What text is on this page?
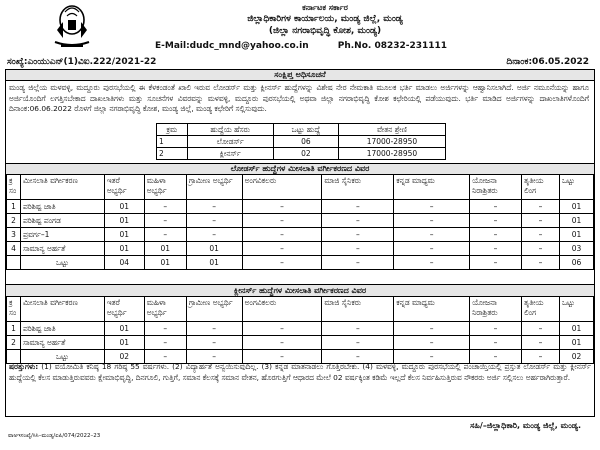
ಕರ್ನಾಟಕ ಸರ್ಕಾರ
ಜಿಲ್ಲಾಧಿಕಾರಿಗಳ ಕಾರ್ಯಾಲಯ, ಮಂಡ್ಯ ಜಿಲ್ಲೆ, ಮಂಡ್ಯ
(ಜಿಲ್ಲಾ ನಗರಾಭಿವೃದ್ಧಿ ಕೋಶ, ಮಂಡ್ಯ)
E-Mail:dudc_mnd@yahoo.co.in	Ph.No. 08232-231111
ಸಂಖ್ಯೆ:ಎಂಯುಎನ್(1)ವಿಐ.222/2021-22	ದಿನಾಂಕ:06.05.2022
ಸಂಕ್ಷಿಪ್ತ ಅಧಿಸೂಚನೆ
ಮಂಡ್ಯ ಜಿಲ್ಲೆಯ ಮಳವಳ್ಳಿ, ಮದ್ದೂರು ಪುರಸಭೆಯಲ್ಲಿ ಈ ಕೆಳಕಂಡಂತೆ ಖಾಲಿ ಇರುವ ಲೋಡರ್ಸ್ ಮತ್ತು ಕ್ಲೀನರ್ಸ್ ಹುದ್ದೆಗಳನ್ನು ವಿಶೇಷ ನೇರ ನೇಮಕಾತಿ ಮೂಲಕ ಭರ್ತಿ ಮಾಡಲು ಅರ್ಜಿಗಳನ್ನು ಆಹ್ವಾನಿಸಲಾಗಿದೆ. ಅರ್ಜಿ ನಮೂನೆಯನ್ನು ಹಾಗೂ ಅರ್ಜಿಯೊಂದಿಗೆ ಲಗತ್ತಿಸಬೇಕಾದ ದಾಖಲಾತಿಗಳು ಮತ್ತು ಸೂಚನೆಗಳ ವಿವರವನ್ನು ಮಳವಳ್ಳಿ, ಮದ್ದೂರು ಪುರಸಭೆಯಲ್ಲಿ ಅಥವಾ ಜಿಲ್ಲಾ ನಗರಾಭಿವೃದ್ಧಿ ಕೋಶ ಕಛೇರಿಯಲ್ಲಿ ಪಡೆಯುವುದು. ಭರ್ತಿ ಮಾಡಿದ ಅರ್ಜಿಗಳನ್ನು ದಾಖಲಾತಿಗಳೊಂದಿಗೆ ದಿನಾಂಕ:06.06.2022 ರೊಳಗೆ ಜಿಲ್ಲಾ ನಗರಾಭಿವೃದ್ಧಿ ಕೋಶ, ಮಂಡ್ಯ ಜಿಲ್ಲೆ, ಮಂಡ್ಯ ಕಛೇರಿಗೆ ಸಲ್ಲಿಸುವುದು.
ಕ್ರಮ	ಹುದ್ದೆಯ ಹೆಸರು	ಒಟ್ಟು ಹುದ್ದೆ	ವೇತನ ಶ್ರೇಣಿ
1	ಲೋಡರ್ಸ್	06	17000-28950
2	ಕ್ಲೀನರ್ಸ್	02	17000-28950
ಲೋಡರ್ಸ್ ಹುದ್ದೆಗಳ ಮೀಸಲಾತಿ ವರ್ಗೀಕರಣದ ವಿವರ
ಕ್ರ ಸಂ	ಮೀಸಲಾತಿ ವರ್ಗೀಕರಣ	ಇತರೆ ಅಭ್ಯರ್ಥಿ	ಮಹಿಳಾ ಅಭ್ಯರ್ಥಿ	ಗ್ರಾಮೀಣ ಅಭ್ಯರ್ಥಿ	ಅಂಗವಿಕಲರು	ಮಾಜಿ ಸೈನಿಕರು	ಕನ್ನಡ ಮಾಧ್ಯಮ	ಯೋಜನಾ ನಿರಾಶ್ರಿತರು	ತೃತೀಯ ಲಿಂಗ	ಒಟ್ಟು
1	ಪರಿಶಿಷ್ಟ ಜಾತಿ	01	–	–	–	–	–	–	–	01
2	ಪರಿಶಿಷ್ಟ ಪಂಗಡ	01	–	–	–	–	–	–	–	01
3	ಪ್ರವರ್ಗ–1	01	–	–	–	–	–	–	–	01
4	ಸಾಮಾನ್ಯ ಅರ್ಹತೆ	01	01	01	–	–	–	–	–	03
	ಒಟ್ಟು	04	01	01	–	–	–	–	–	06
ಕ್ಲೀನರ್ಸ್ ಹುದ್ದೆಗಳ ಮೀಸಲಾತಿ ವರ್ಗೀಕರಣದ ವಿವರ
ಕ್ರ ಸಂ	ಮೀಸಲಾತಿ ವರ್ಗೀಕರಣ	ಇತರೆ ಅಭ್ಯರ್ಥಿ	ಮಹಿಳಾ ಅಭ್ಯರ್ಥಿ	ಗ್ರಾಮೀಣ ಅಭ್ಯರ್ಥಿ	ಅಂಗವಿಕಲರು	ಮಾಜಿ ಸೈನಿಕರು	ಕನ್ನಡ ಮಾಧ್ಯಮ	ಯೋಜನಾ ನಿರಾಶ್ರಿತರು	ತೃತೀಯ ಲಿಂಗ	ಒಟ್ಟು
1	ಪರಿಶಿಷ್ಟ ಜಾತಿ	01	–	–	–	–	–	–	–	01
2	ಸಾಮಾನ್ಯ ಅರ್ಹತೆ	01	–	–	–	–	–	–	–	01
	ಒಟ್ಟು	02	–	–	–	–	–	–	–	02
ಷರತ್ತುಗಳು: (1) ವಯೋಮಿತಿ ಕನಿಷ್ಠ 18 ಗರಿಷ್ಠ 55 ವರ್ಷಗಳು. (2) ವಿದ್ಯಾರ್ಹತೆ ಅನ್ವಯಿಸುವುದಿಲ್ಲ. (3) ಕನ್ನಡ ಮಾತನಾಡಲು ಗೊತ್ತಿರಬೇಕು. (4) ಮಳವಳ್ಳಿ, ಮದ್ದೂರು ಪುರಸಭೆಯಲ್ಲಿ ಪಂಚಾಯ್ತಿಯಲ್ಲಿ ಪ್ರಸ್ತುತ ಲೋಡರ್ಸ್ ಮತ್ತು ಕ್ಲೀನರ್ಸ್ ಹುದ್ದೆಯಲ್ಲಿ ಕೆಲಸ ಮಾಡುತ್ತಿರುವವರು ಕ್ಷೇಮಾಭಿವೃದ್ಧಿ, ದಿನಗೂಲಿ, ಗುತ್ತಿಗೆ, ಸಮಾನ ಕೆಲಸಕ್ಕೆ ಸಮಾನ ವೇತನ, ಹೊರಗುತ್ತಿಗೆ ಆಧಾರದ ಮೇಲೆ 02 ವರ್ಷಕ್ಕಿಂತ ಕಡಿಮೆ ಇಲ್ಲದೆ ಕೆಲಸ ನಿರ್ವಹಿಸುತ್ತಿರುವ ನೌಕರರು ಅರ್ಜಿ ಸಲ್ಲಿಸಲು ಅರ್ಹರಾಗಿರುತ್ತಾರೆ.
ಸಹಿ/–ಜಿಲ್ಲಾಧಿಕಾರಿ, ಮಂಡ್ಯ ಜಿಲ್ಲೆ, ಮಂಡ್ಯ.
ವಾಅಇಸಂಖ್ಯೆ/ಸಿಸಿ–ಮಂಡ್ಯ/ಏಪಿ/074/2022–23
